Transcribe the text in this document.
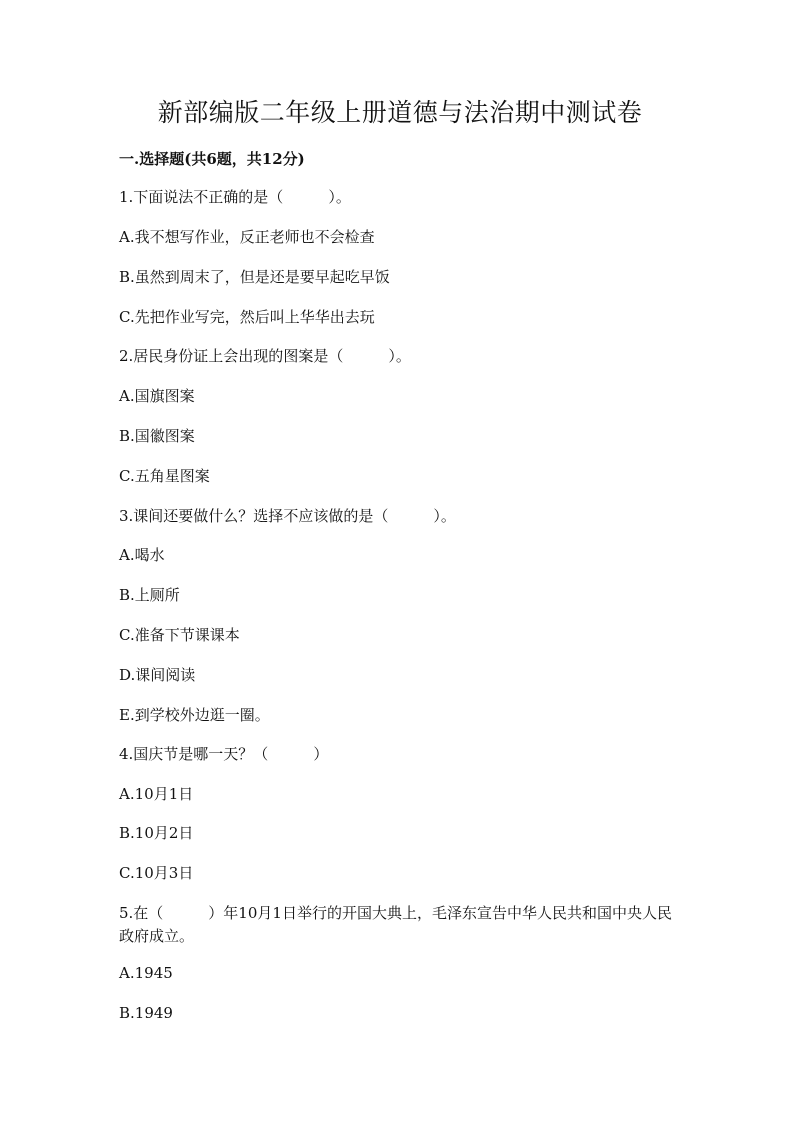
新部编版二年级上册道德与法治期中测试卷
一.选择题(共6题，共12分)
1.下面说法不正确的是（　　　）。
A.我不想写作业，反正老师也不会检查
B.虽然到周末了，但是还是要早起吃早饭
C.先把作业写完，然后叫上华华出去玩
2.居民身份证上会出现的图案是（　　　）。
A.国旗图案
B.国徽图案
C.五角星图案
3.课间还要做什么？选择不应该做的是（　　　）。
A.喝水
B.上厕所
C.准备下节课课本
D.课间阅读
E.到学校外边逛一圈。
4.国庆节是哪一天？（　　　）
A.10月1日
B.10月2日
C.10月3日
5.在（　　　）年10月1日举行的开国大典上，毛泽东宣告中华人民共和国中央人民政府成立。
A.1945
B.1949
